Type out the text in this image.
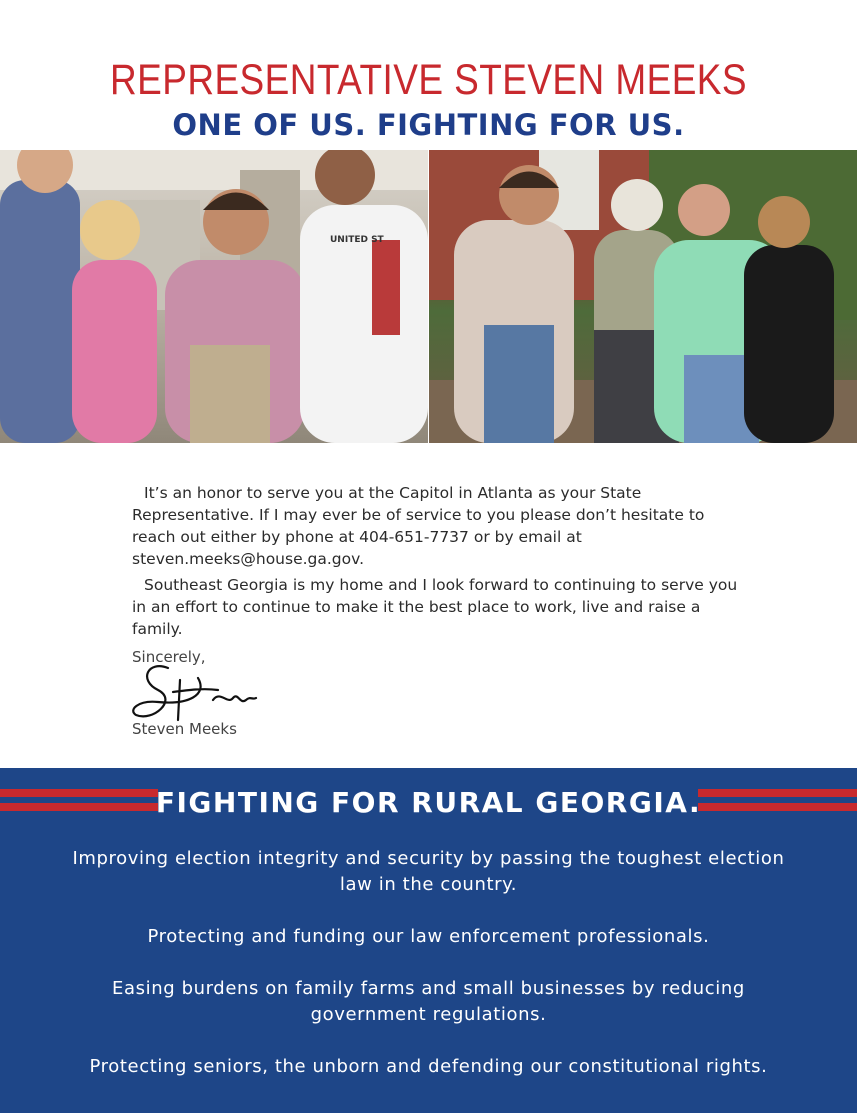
REPRESENTATIVE STEVEN MEEKS
ONE OF US. FIGHTING FOR US.
UNITED ST
It’s an honor to serve you at the Capitol in Atlanta as your State Representative. If I may ever be of service to you please don’t hesitate to reach out either by phone at 404-651-7737 or by email at steven.meeks@house.ga.gov.
Southeast Georgia is my home and I look forward to continuing to serve you in an effort to continue to make it the best place to work, live and raise a family.
Sincerely,
Steven Meeks
FIGHTING FOR RURAL GEORGIA.

Improving election integrity and security by passing the toughest election law in the country.

Protecting and funding our law enforcement professionals.

Easing burdens on family farms and small businesses by reducing government regulations.

Protecting seniors, the unborn and defending our constitutional rights.
